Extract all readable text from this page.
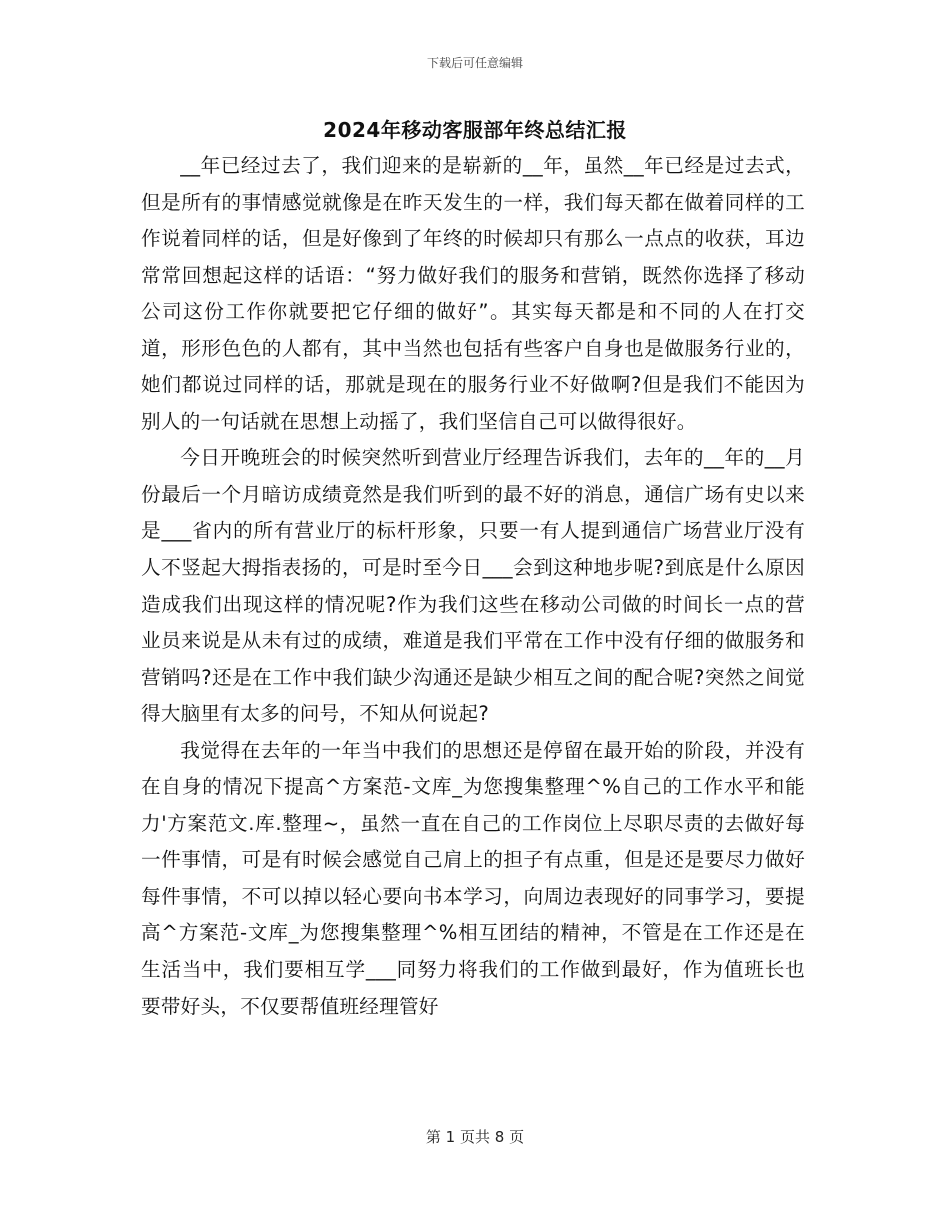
下载后可任意编辑
2024年移动客服部年终总结汇报

__年已经过去了，我们迎来的是崭新的__年，虽然__年已经是过去式，但是所有的事情感觉就像是在昨天发生的一样，我们每天都在做着同样的工作说着同样的话，但是好像到了年终的时候却只有那么一点点的收获，耳边常常回想起这样的话语：“努力做好我们的服务和营销，既然你选择了移动公司这份工作你就要把它仔细的做好”。其实每天都是和不同的人在打交道，形形色色的人都有，其中当然也包括有些客户自身也是做服务行业的，她们都说过同样的话，那就是现在的服务行业不好做啊?但是我们不能因为别人的一句话就在思想上动摇了，我们坚信自己可以做得很好。

今日开晚班会的时候突然听到营业厅经理告诉我们，去年的__年的__月份最后一个月暗访成绩竟然是我们听到的最不好的消息，通信广场有史以来是___省内的所有营业厅的标杆形象，只要一有人提到通信广场营业厅没有人不竖起大拇指表扬的，可是时至今日___会到这种地步呢?到底是什么原因造成我们出现这样的情况呢?作为我们这些在移动公司做的时间长一点的营业员来说是从未有过的成绩，难道是我们平常在工作中没有仔细的做服务和营销吗?还是在工作中我们缺少沟通还是缺少相互之间的配合呢?突然之间觉得大脑里有太多的问号，不知从何说起?

我觉得在去年的一年当中我们的思想还是停留在最开始的阶段，并没有在自身的情况下提高^方案范-文库_为您搜集整理^%自己的工作水平和能力'方案范文.库.整理~，虽然一直在自己的工作岗位上尽职尽责的去做好每一件事情，可是有时候会感觉自己肩上的担子有点重，但是还是要尽力做好每件事情，不可以掉以轻心要向书本学习，向周边表现好的同事学习，要提高^方案范-文库_为您搜集整理^%相互团结的精神，不管是在工作还是在生活当中，我们要相互学___同努力将我们的工作做到最好，作为值班长也要带好头，不仅要帮值班经理管好

第 1 页共 8 页
